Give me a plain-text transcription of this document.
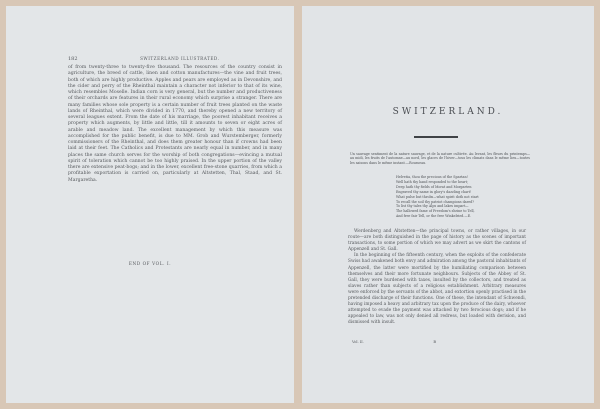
182	SWITZERLAND ILLUSTRATED.
of from twenty-three to twenty-five thousand. The resources of the country consist in agriculture, the breed of cattle, linen and cotton manufactures—the vine and fruit trees, both of which are highly productive. Apples and pears are employed as in Devonshire, and the cider and perry of the Rheinthal maintain a character not inferior to that of its wine, which resembles Moselle. Indian corn is very general, but the number and productiveness of their orchards are features in their rural economy which surprise a stranger. There are many families whose sole property is a certain number of fruit trees planted on the waste lands of Rheinthal, which were divided in 1770, and thereby opened a new territory of several leagues extent. From the date of his marriage, the poorest inhabitant receives a property which augments, by little and little, till it amounts to seven or eight acres of arable and meadow land. The excellent management by which this measure was accomplished for the public benefit, is due to MM. Grob and Wurstemberger, formerly commissioners of the Rheinthal, and does them greater honour than if crowns had been laid at their feet. The Catholics and Protestants are nearly equal in number, and in many places the same church serves for the worship of both congregations—evincing a mutual spirit of toleration which cannot be too highly praised. In the upper portion of the valley there are extensive peat-bogs; and in the lower, excellent free-stone quarries, from which a profitable exportation is carried on, particularly at Altstetten, Thal, Staad, and St. Margaretha.
END OF VOL. I.
SWITZERLAND.
Un sauvage sentiment de la nature sauvage, et de la nature cultivée. Au levant, les fleurs du printemps—au midi, les fruits de l'automne—au nord, les glaces de l'hiver—tous les climats dans le même lieu—toutes les saisons dans le même instant.—Rousseau.
Helvetia, thou the precious of the Spartan!
Well hath thy hand responded to the heart;
Deep hath thy fields of Morat and Morgarten
Engraved thy name in glory's dazzling chart!
What pulse but throbs—what spirit doth not start
To recall the soil thy patriot champions dared?
To list thy tales thy Alps and lakes impart—
The hallowed fame of Freedom's shrine to Tell,
And free fair Tell, or the free Winkelried.—E.

Werdenberg and Altstetten—the principal towns, or rather villages, in our route—are both distinguished in the page of history as the scenes of important transactions, to some portion of which we may advert as we skirt the cantons of Appenzell and St. Gall.

In the beginning of the fifteenth century, when the exploits of the confederate Swiss had awakened both envy and admiration among the pastoral inhabitants of Appenzell, the latter were mortified by the humiliating comparison between themselves and their more fortunate neighbours. Subjects of the Abbey of St. Gall, they were burdened with taxes, insulted by the collectors, and treated as slaves rather than subjects of a religious establishment. Arbitrary measures were enforced by the servants of the abbot, and extortion openly practised in the pretended discharge of their functions. One of these, the intendant of Schwendi, having imposed a heavy and arbitrary tax upon the produce of the dairy, whoever attempted to evade the payment was attacked by two ferocious dogs; and if he appealed to law, was not only denied all redress, but loaded with derision, and dismissed with insult.

Vol. II.	B
